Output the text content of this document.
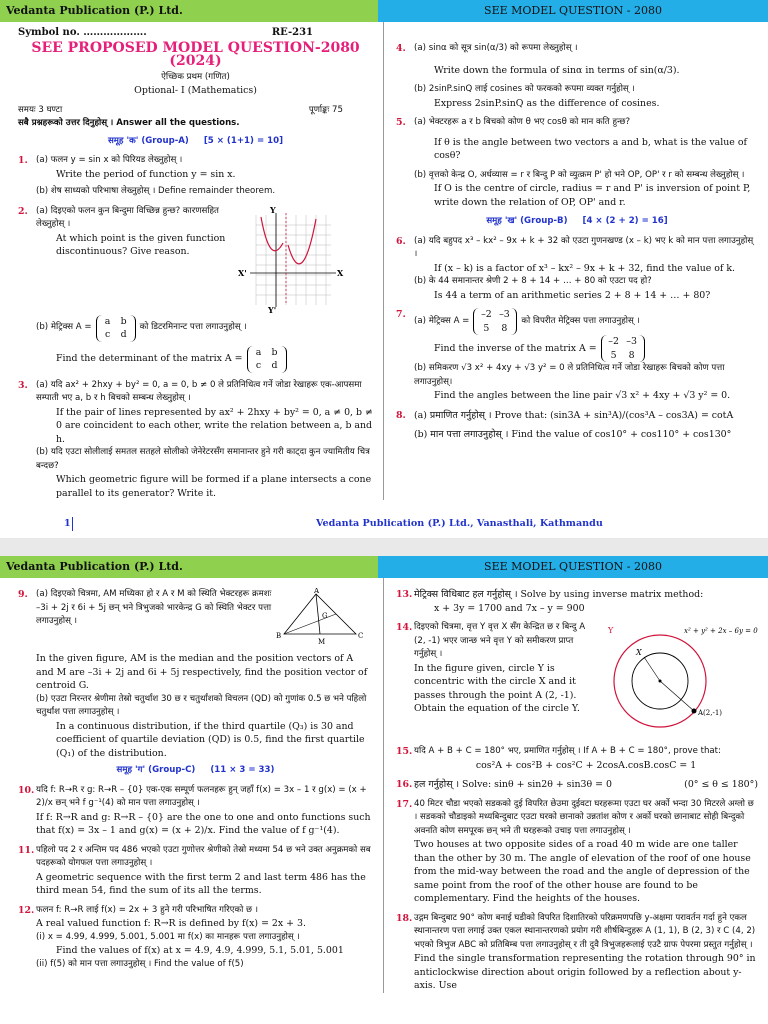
Vedanta Publication (P.) Ltd.	SEE MODEL QUESTION - 2080
Symbol no. ……………….	RE-231
SEE PROPOSED MODEL QUESTION-2080 (2024)
ऐच्छिक प्रथम (गणित)
Optional- I (Mathematics)
समयः 3 घण्टा	पूर्णाङ्कः 75
सबै प्रश्नहरूको उत्तर दिनुहोस् । Answer all the questions.
समूह 'क' (Group-A) [5 × (1+1) = 10]
1. (a) फलन y = sin x को पिरियड लेख्नुहोस् ।
Write the period of function y = sin x.
(b) शेष साध्यको परिभाषा लेख्नुहोस् । Define remainder theorem.
2. (a) दिइएको फलन कुन बिन्दुमा विच्छिन्न हुन्छ? कारणसहित लेख्नुहोस् ।
At which point is the given function discontinuous? Give reason.
Y
X
X'
Y'
(b) मेट्रिक्स A =
a	b
c	d
को डिटरमिनान्ट पत्ता लगाउनुहोस् ।
Find the determinant of the matrix A =
a	b
c	d
3. (a) यदि ax² + 2hxy + by² = 0, a = 0, b ≠ 0 ले प्रतिनिधित्व गर्ने जोडा रेखाहरू एक-आपसमा सम्पाती भए a, b र h बिचको सम्बन्ध लेख्नुहोस् ।
If the pair of lines represented by ax² + 2hxy + by² = 0, a ≠ 0, b ≠ 0 are coincident to each other, write the relation between a, b and h.
(b) यदि एउटा सोलीलाई समतल सतहले सोलीको जेनेरेटरसँग समानान्तर हुने गरी काट्दा कुन ज्यामितीय चित्र बन्दछ?
Which geometric figure will be formed if a plane intersects a cone parallel to its generator? Write it.
4. (a) sinα को सूत्र sin(α/3) को रूपमा लेख्नुहोस् ।
Write down the formula of sinα in terms of sin(α/3).
(b) 2sinP.sinQ लाई cosines को फरकको रूपमा व्यक्त गर्नुहोस् ।
Express 2sinP.sinQ as the difference of cosines.
5. (a) भेक्टरहरू a र b बिचको कोण θ भए cosθ को मान कति हुन्छ?
If θ is the angle between two vectors a and b, what is the value of cosθ?
(b) वृत्तको केन्द्र O, अर्धव्यास = r र बिन्दु P को व्युत्क्रम P' हो भने OP, OP' र r को सम्बन्ध लेख्नुहोस् ।
If O is the centre of circle, radius = r and P' is inversion of point P, write down the relation of OP, OP' and r.
समूह 'ख' (Group-B) [4 × (2 + 2) = 16]
6. (a) यदि बहुपद x³ – kx² – 9x + k + 32 को एउटा गुणनखण्ड (x – k) भए k को मान पत्ता लगाउनुहोस् ।
If (x – k) is a factor of x³ – kx² – 9x + k + 32, find the value of k.
(b) के 44 समानान्तर श्रेणी 2 + 8 + 14 + … + 80 को एउटा पद हो?
Is 44 a term of an arithmetic series 2 + 8 + 14 + … + 80?
7.
(a) मेट्रिक्स A =
–2 –3
5	8
को विपरीत मेट्रिक्स पत्ता लगाउनुहोस् ।
Find the inverse of the matrix A =
–2 –3
5	8
(b) समिकरण √3 x² + 4xy + √3 y² = 0 ले प्रतिनिधित्व गर्ने जोडा रेखाहरू बिचको कोण पत्ता लगाउनुहोस्।
Find the angles between the line pair √3 x² + 4xy + √3 y² = 0.
8. (a) प्रमाणित गर्नुहोस् । Prove that: (sin3A + sin³A)/(cos³A – cos3A) = cotA
(b) मान पत्ता लगाउनुहोस् । Find the value of cos10° + cos110° + cos130°
1	Vedanta Publication (P.) Ltd., Vanasthali, Kathmandu
Vedanta Publication (P.) Ltd.	SEE MODEL QUESTION - 2080
9. (a) दिइएको चित्रमा, AM मध्यिका हो र A र M को स्थिति भेक्टरहरू क्रमशः –3i + 2j र 6i + 5j छन् भने त्रिभुजको भारकेन्द्र G को स्थिति भेक्टर पत्ता लगाउनुहोस् ।
A
B
M
C
G
In the given figure, AM is the median and the position vectors of A and M are –3i + 2j and 6i + 5j respectively, find the position vector of centroid G.
(b) एउटा निरन्तर श्रेणीमा तेस्रो चतुर्थांश 30 छ र चतुर्थांशको विचलन (QD) को गुणांक 0.5 छ भने पहिलो चतुर्थांश पत्ता लगाउनुहोस् ।
In a continuous distribution, if the third quartile (Q₃) is 30 and coefficient of quartile deviation (QD) is 0.5, find the first quartile (Q₁) of the distribution.
समूह 'ग' (Group-C) (11 × 3 = 33)
10. यदि f: R→R र g: R→R – {0} एक-एक सम्पूर्ण फलनहरू हुन् जहाँ f(x) = 3x – 1 र g(x) = (x + 2)/x छन् भने f g⁻¹(4) को मान पत्ता लगाउनुहोस् ।
If f: R→R and g: R→R – {0} are the one to one and onto functions such that f(x) = 3x – 1 and g(x) = (x + 2)/x. Find the value of f g⁻¹(4).
11. पहिलो पद 2 र अन्तिम पद 486 भएको एउटा गुणोत्तर श्रेणीको तेस्रो मध्यमा 54 छ भने उक्त अनुक्रमको सब पदहरूको योगफल पत्ता लगाउनुहोस् ।
A geometric sequence with the first term 2 and last term 486 has the third mean 54, find the sum of its all the terms.
12. फलन f: R→R लाई f(x) = 2x + 3 हुने गरी परिभाषित गरिएको छ ।
A real valued function f: R→R is defined by f(x) = 2x + 3.
(i) x = 4.99, 4.999, 5.001, 5.001 मा f(x) का मानहरू पत्ता लगाउनुहोस् ।
Find the values of f(x) at x = 4.9, 4.9, 4.999, 5.1, 5.01, 5.001
(ii) f(5) को मान पत्ता लगाउनुहोस् । Find the value of f(5)
13. मेट्रिक्स विधिबाट हल गर्नुहोस् । Solve by using inverse matrix method:
x + 3y = 1700 and 7x – y = 900
14. दिइएको चित्रमा, वृत्त Y वृत्त X सँग केन्द्रित छ र बिन्दु A (2, -1) भएर जान्छ भने वृत्त Y को समीकरण प्राप्त गर्नुहोस् ।
In the figure given, circle Y is concentric with the circle X and it passes through the point A (2, -1). Obtain the equation of the circle Y.
Y
X
x² + y² + 2x – 6y = 0
A(2,-1)
15. यदि A + B + C = 180° भए, प्रमाणित गर्नुहोस् । If A + B + C = 180°, prove that:
cos²A + cos²B + cos²C + 2cosA.cosB.cosC = 1
16. हल गर्नुहोस् । Solve: sinθ + sin2θ + sin3θ = 0	(0° ≤ θ ≤ 180°)
17. 40 मिटर चौडा भएको सडकको दुई विपरित छेउमा दुईवटा घरहरूमा एउटा घर अर्को भन्दा 30 मिटरले अग्लो छ । सडकको चौडाइको मध्यबिन्दुबाट एउटा घरको छानाको उन्नतांश कोण र अर्को घरको छानाबाट सोही बिन्दुको अवनति कोण समपूरक छन् भने ती घरहरूको उचाइ पत्ता लगाउनुहोस् ।
Two houses at two opposite sides of a road 40 m wide are one taller than the other by 30 m. The angle of elevation of the roof of one house from the mid-way between the road and the angle of depression of the same point from the roof of the other house are found to be complementary. Find the heights of the houses.
18. उद्गम बिन्दुबाट 90° कोण बनाई घडीको विपरित दिशातिरको परिक्रमणपछि y-अक्षमा परावर्तन गर्दा हुने एकल स्थानान्तरण पत्ता लगाई उक्त एकल स्थानान्तरणको प्रयोग गरी शीर्षबिन्दुहरू A (1, 1), B (2, 3) र C (4, 2) भएको त्रिभुज ABC को प्रतिबिम्ब पत्ता लगाउनुहोस् र ती दुवै त्रिभुजहरूलाई एउटै ग्राफ पेपरमा प्रस्तुत गर्नुहोस् ।
Find the single transformation representing the rotation through 90° in anticlockwise direction about origin followed by a reflection about y-axis. Use
